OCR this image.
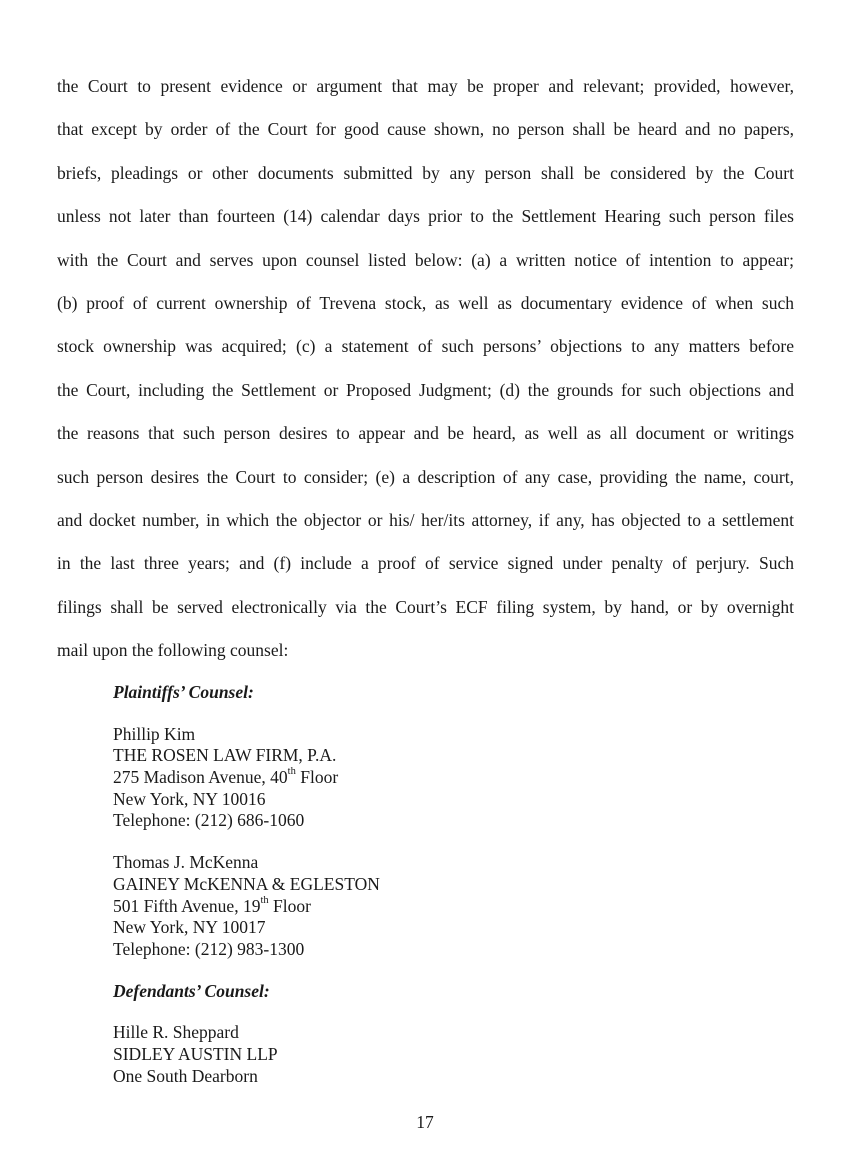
the Court to present evidence or argument that may be proper and relevant; provided, however,
that except by order of the Court for good cause shown, no person shall be heard and no papers,
briefs, pleadings or other documents submitted by any person shall be considered by the Court
unless not later than fourteen (14) calendar days prior to the Settlement Hearing such person files
with the Court and serves upon counsel listed below: (a) a written notice of intention to appear;
(b) proof of current ownership of Trevena stock, as well as documentary evidence of when such
stock ownership was acquired; (c) a statement of such persons’ objections to any matters before
the Court, including the Settlement or Proposed Judgment; (d) the grounds for such objections and
the reasons that such person desires to appear and be heard, as well as all document or writings
such person desires the Court to consider; (e) a description of any case, providing the name, court,
and docket number, in which the objector or his/ her/its attorney, if any, has objected to a settlement
in the last three years; and (f) include a proof of service signed under penalty of perjury. Such
filings shall be served electronically via the Court’s ECF filing system, by hand, or by overnight
mail upon the following counsel:
Plaintiffs’ Counsel:
Phillip Kim
THE ROSEN LAW FIRM, P.A.
275 Madison Avenue, 40th Floor
New York, NY 10016
Telephone: (212) 686-1060
Thomas J. McKenna
GAINEY McKENNA & EGLESTON
501 Fifth Avenue, 19th Floor
New York, NY 10017
Telephone: (212) 983-1300
Defendants’ Counsel:
Hille R. Sheppard
SIDLEY AUSTIN LLP
One South Dearborn
17
